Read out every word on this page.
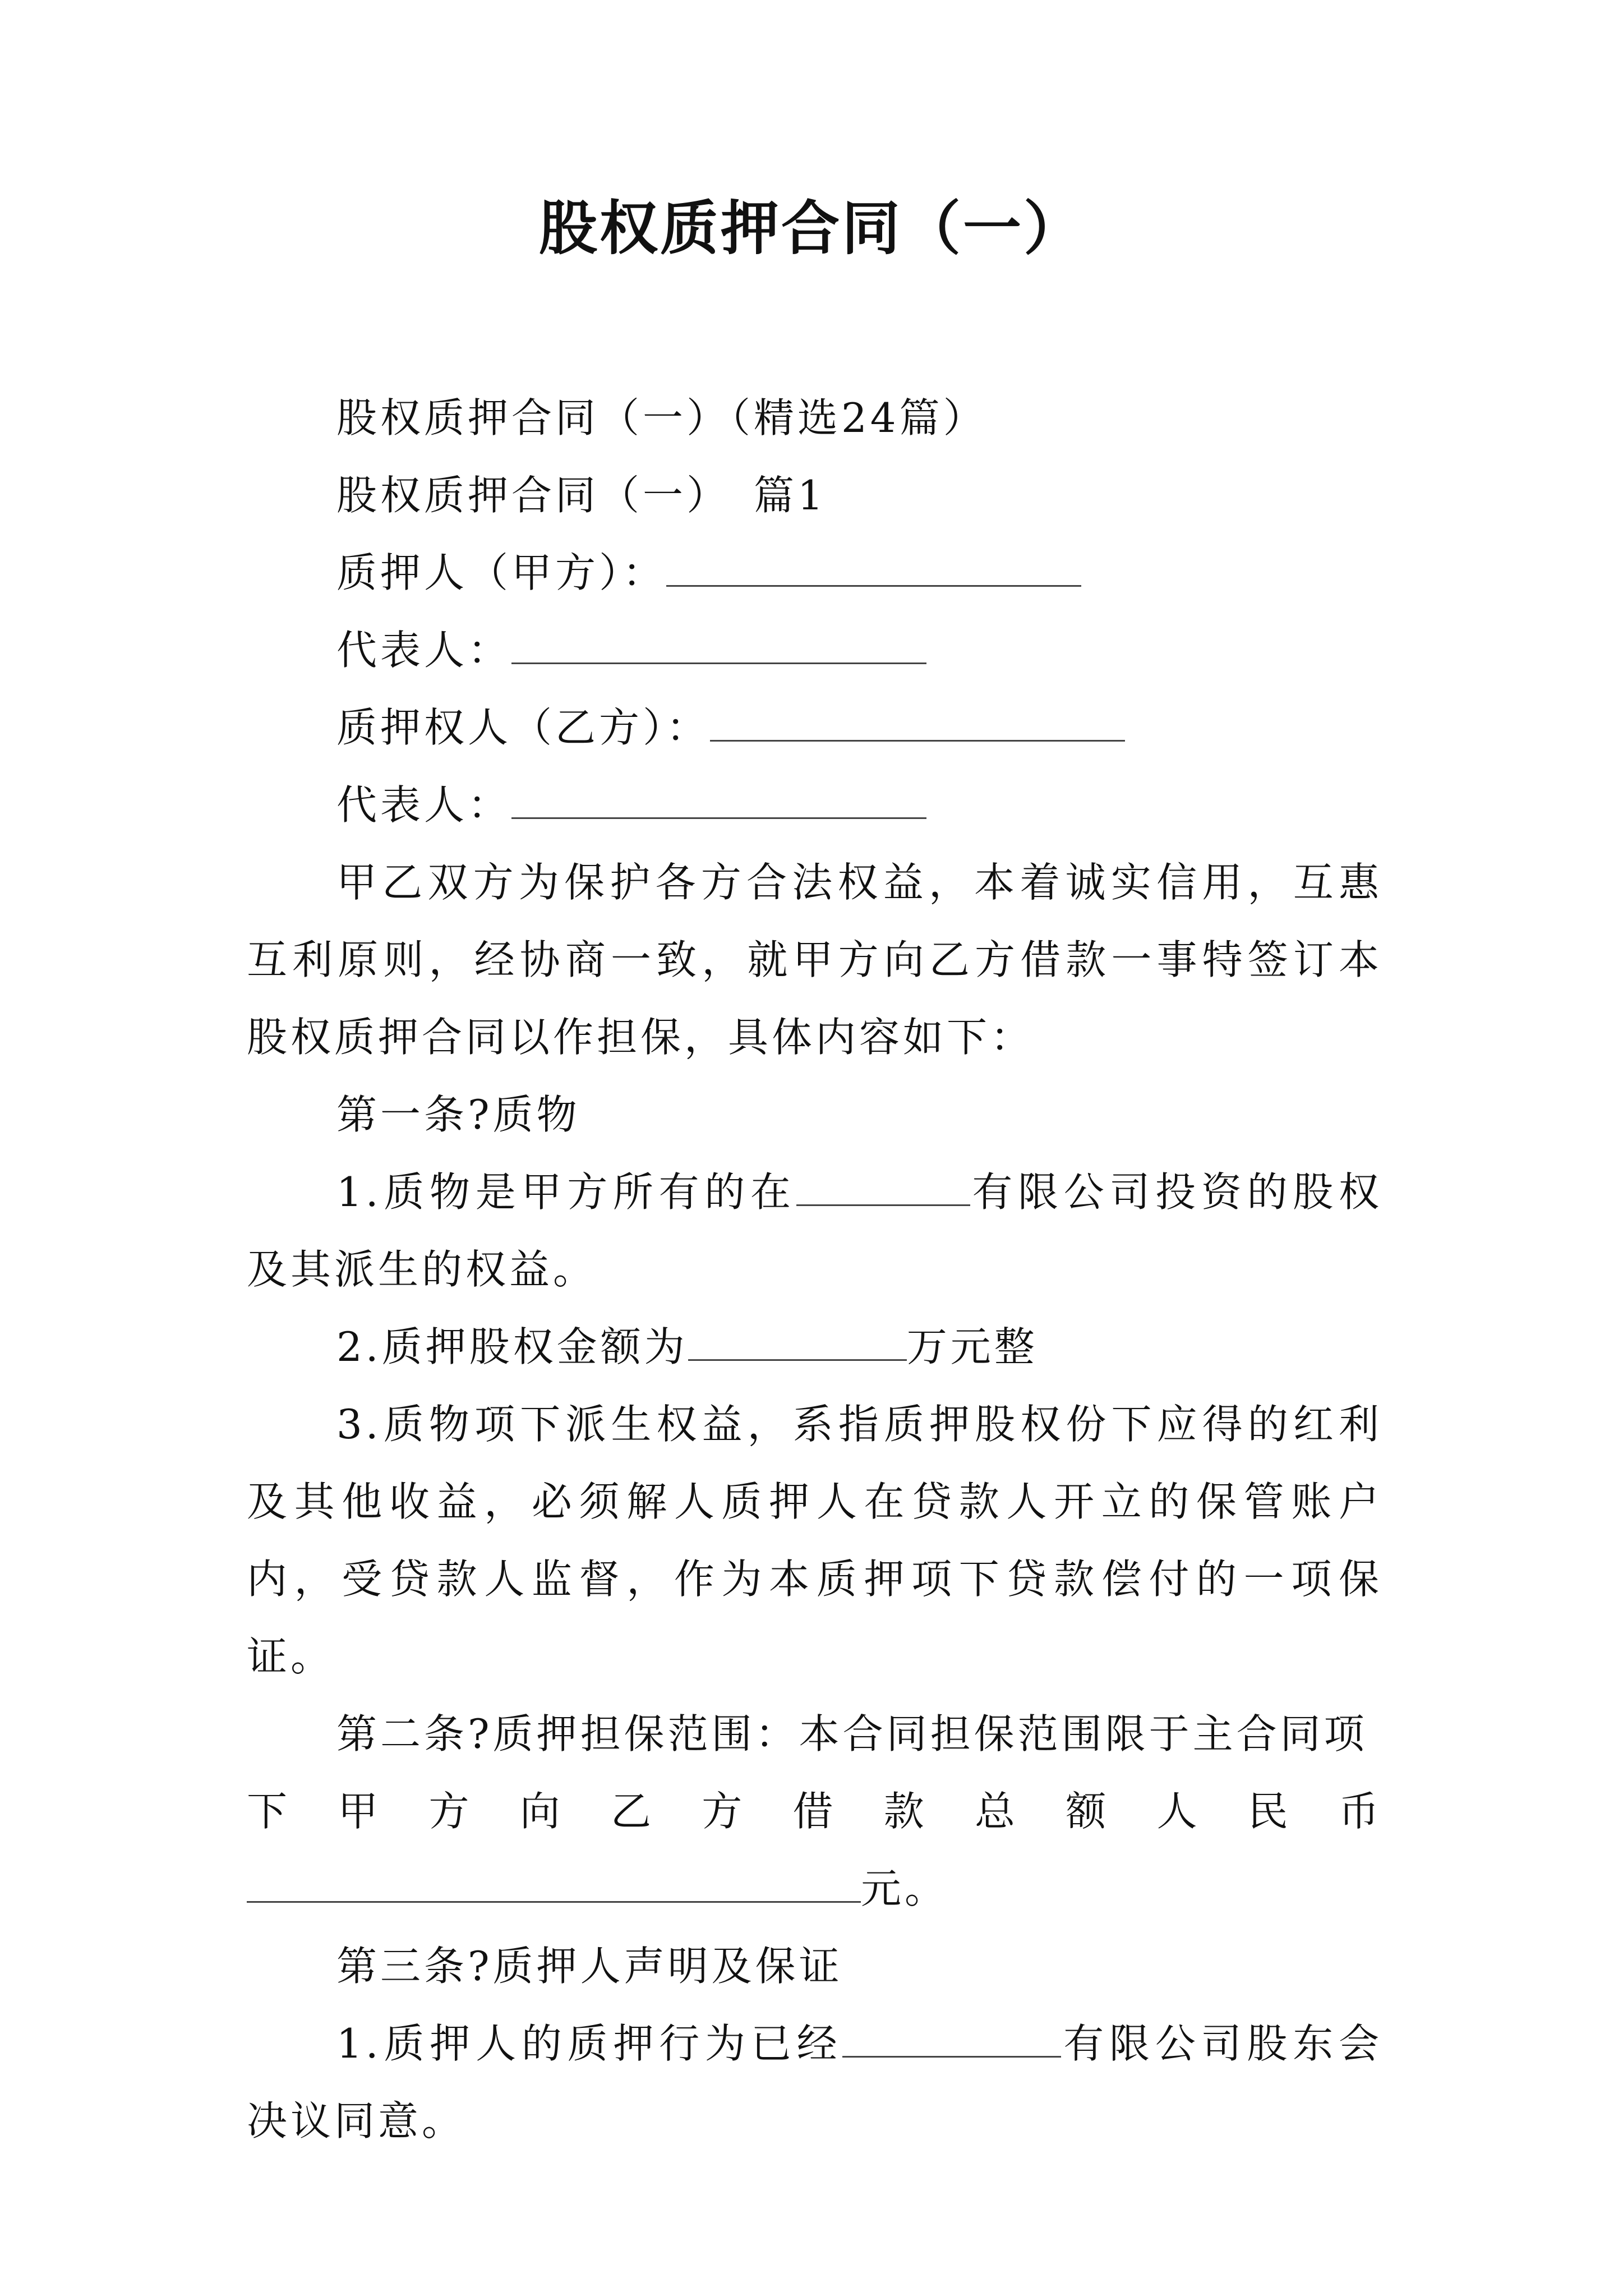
股权质押合同（一）

股权质押合同（一）（精选24篇）

股权质押合同（一）　篇1

质押人（甲方）：

代表人：

质押权人（乙方）：

代表人：

甲乙双方为保护各方合法权益，本着诚实信用，互惠互利原则，经协商一致，就甲方向乙方借款一事特签订本股权质押合同以作担保，具体内容如下：

第一条?质物

1.质物是甲方所有的在	有限公司投资的股权及其派生的权益。

2.质押股权金额为	万元整

3.质物项下派生权益，系指质押股权份下应得的红利及其他收益，必须解人质押人在贷款人开立的保管账户内，受贷款人监督，作为本质押项下贷款偿付的一项保证。

第二条?质押担保范围：本合同担保范围限于主合同项

下甲方向乙方借款总额人民币

元。

第三条?质押人声明及保证

1.质押人的质押行为已经	有限公司股东会决议同意。
